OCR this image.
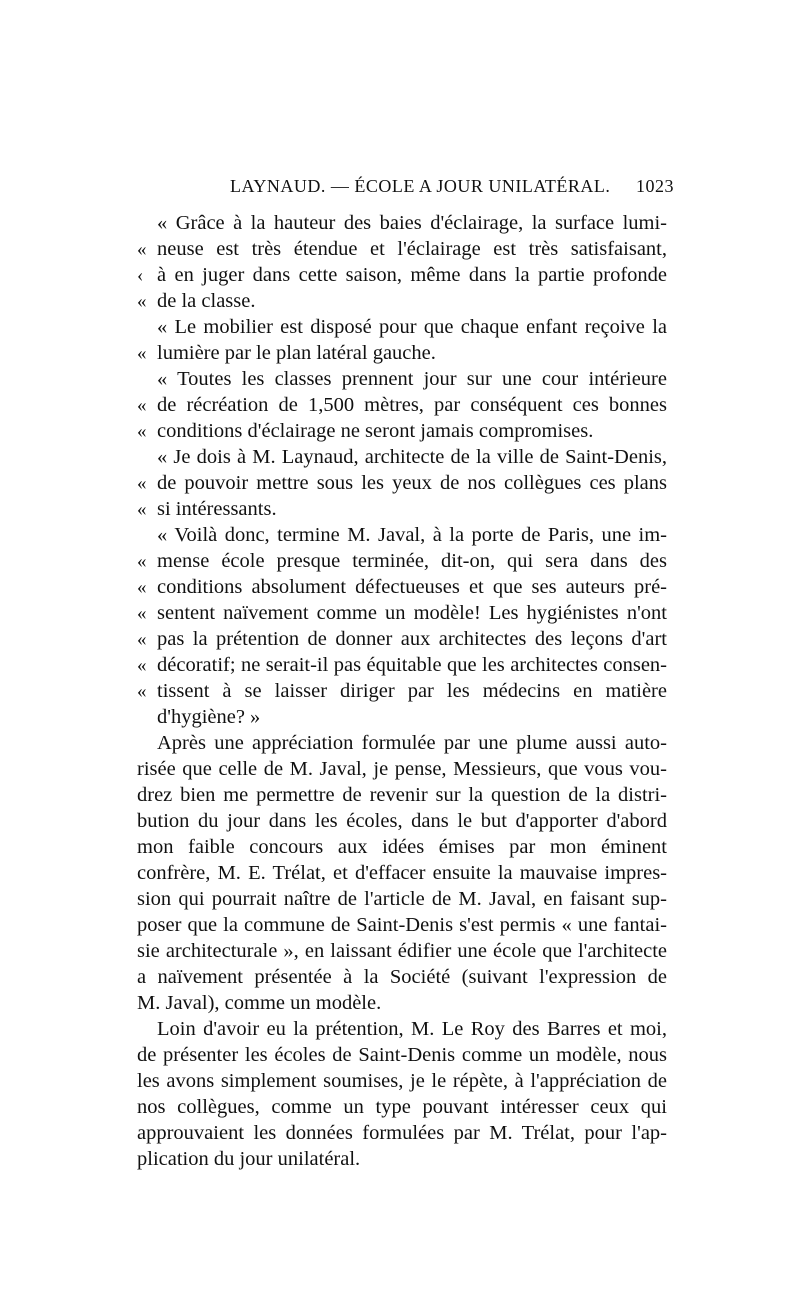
LAYNAUD. — ÉCOLE A JOUR UNILATÉRAL. 1023
«
‹
«
«
«
«
«
«
«
«
«
«
«
«
« Grâce à la hauteur des baies d'éclairage, la surface lumi-
neuse est très étendue et l'éclairage est très satisfaisant,
à en juger dans cette saison, même dans la partie profonde
de la classe.
« Le mobilier est disposé pour que chaque enfant reçoive la
lumière par le plan latéral gauche.
« Toutes les classes prennent jour sur une cour intérieure
de récréation de 1,500 mètres, par conséquent ces bonnes
conditions d'éclairage ne seront jamais compromises.
« Je dois à M. Laynaud, architecte de la ville de Saint-Denis,
de pouvoir mettre sous les yeux de nos collègues ces plans
si intéressants.
« Voilà donc, termine M. Javal, à la porte de Paris, une im-
mense école presque terminée, dit-on, qui sera dans des
conditions absolument défectueuses et que ses auteurs pré-
sentent naïvement comme un modèle! Les hygiénistes n'ont
pas la prétention de donner aux architectes des leçons d'art
décoratif; ne serait-il pas équitable que les architectes consen-
tissent à se laisser diriger par les médecins en matière
d'hygiène? »
Après une appréciation formulée par une plume aussi auto-
risée que celle de M. Javal, je pense, Messieurs, que vous vou-
drez bien me permettre de revenir sur la question de la distri-
bution du jour dans les écoles, dans le but d'apporter d'abord
mon faible concours aux idées émises par mon éminent
confrère, M. E. Trélat, et d'effacer ensuite la mauvaise impres-
sion qui pourrait naître de l'article de M. Javal, en faisant sup-
poser que la commune de Saint-Denis s'est permis « une fantai-
sie architecturale », en laissant édifier une école que l'architecte
a naïvement présentée à la Société (suivant l'expression de
M. Javal), comme un modèle.
Loin d'avoir eu la prétention, M. Le Roy des Barres et moi,
de présenter les écoles de Saint-Denis comme un modèle, nous
les avons simplement soumises, je le répète, à l'appréciation de
nos collègues, comme un type pouvant intéresser ceux qui
approuvaient les données formulées par M. Trélat, pour l'ap-
plication du jour unilatéral.
